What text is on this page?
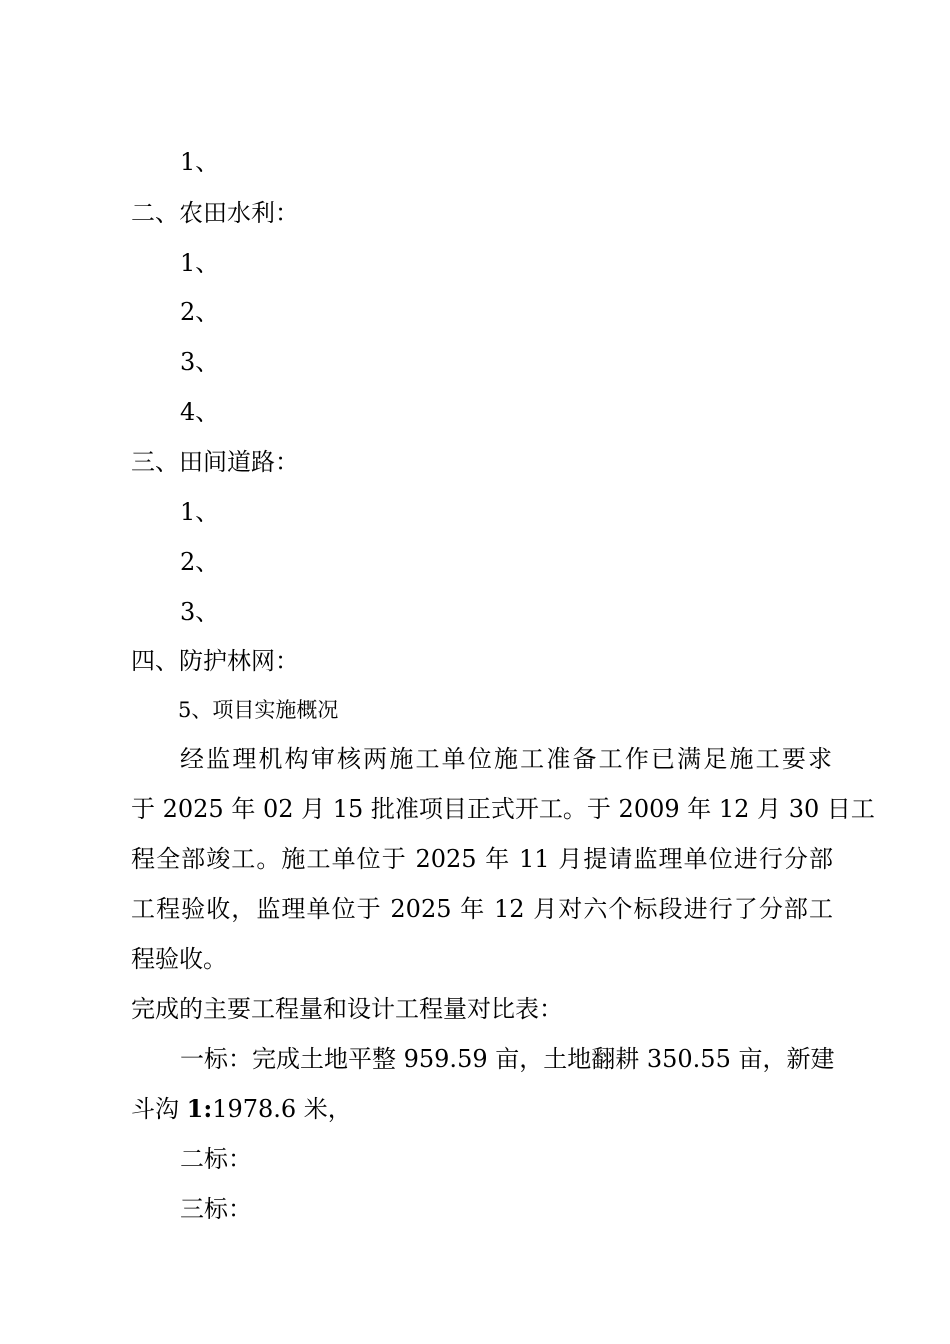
1、
二、农田水利：
1、
2、
3、
4、
三、田间道路：
1、
2、
3、
四、防护林网：
5、项目实施概况
经监理机构审核两施工单位施工准备工作已满足施工要求
于 2025 年 02 月 15 批准项目正式开工。于 2009 年 12 月 30 日工
程全部竣工。施工单位于 2025 年 11 月提请监理单位进行分部
工程验收，监理单位于 2025 年 12 月对六个标段进行了分部工
程验收。
完成的主要工程量和设计工程量对比表：
一标：完成土地平整 959.59 亩，土地翻耕 350.55 亩，新建
斗沟 1:1978.6 米，
二标：
三标：
